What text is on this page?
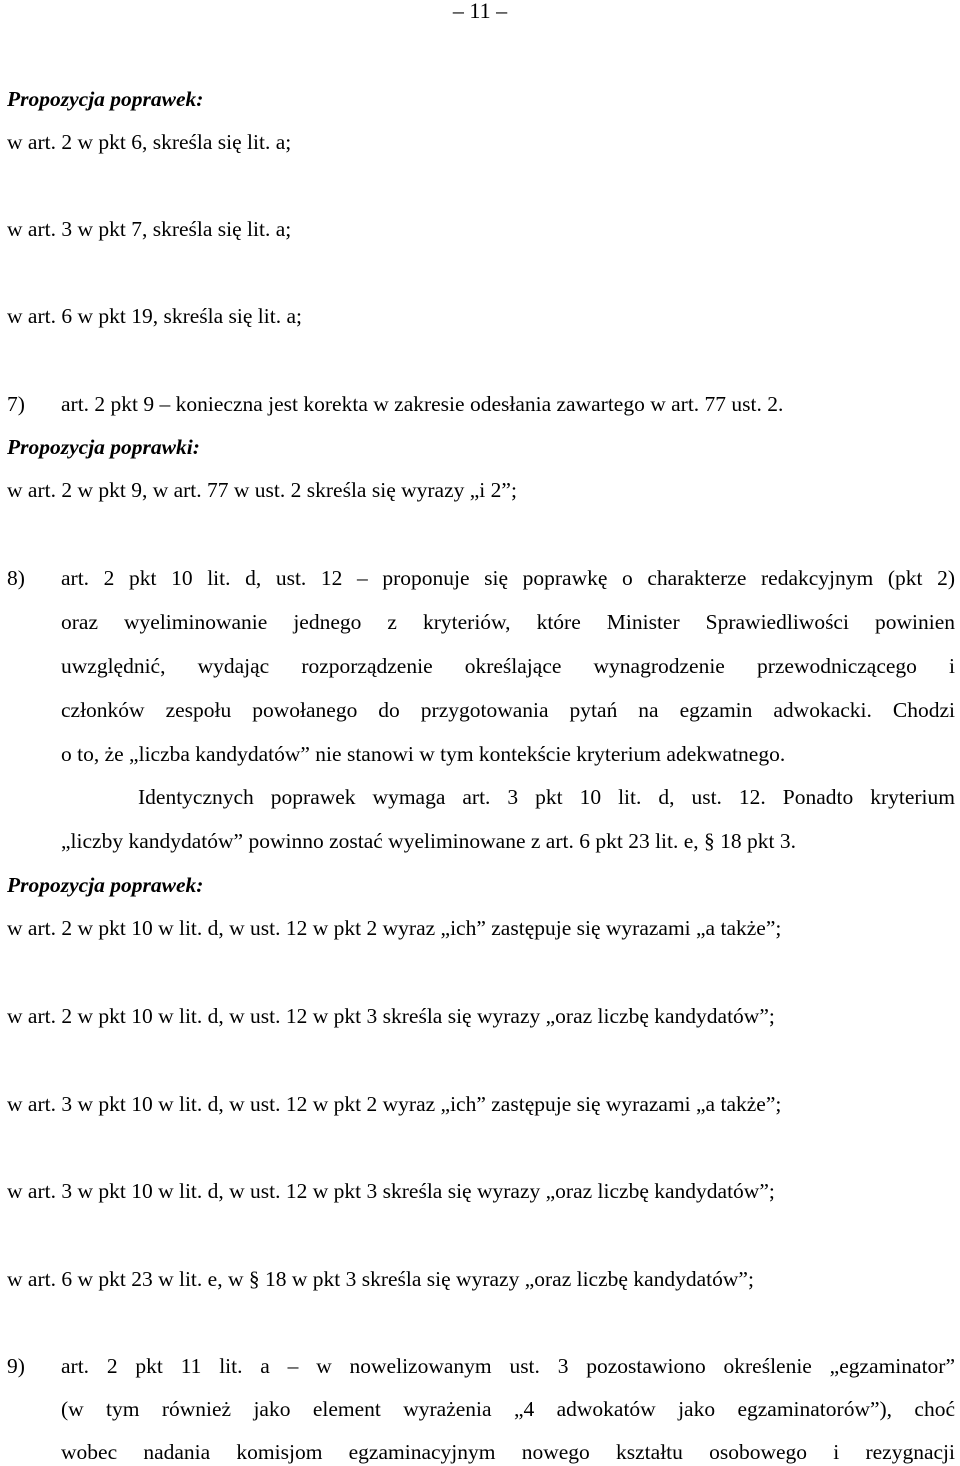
– 11 –
Propozycja poprawek:
w art. 2 w pkt 6, skreśla się lit. a;
w art. 3 w pkt 7, skreśla się lit. a;
w art. 6 w pkt 19, skreśla się lit. a;
7) art. 2 pkt 9 – konieczna jest korekta w zakresie odesłania zawartego w art. 77 ust. 2.
Propozycja poprawki:
w art. 2 w pkt 9, w art. 77 w ust. 2 skreśla się wyrazy „i 2”;
8) art. 2 pkt 10 lit. d, ust. 12 – proponuje się poprawkę o charakterze redakcyjnym (pkt 2)
oraz wyeliminowanie jednego z kryteriów, które Minister Sprawiedliwości powinien
uwzględnić, wydając rozporządzenie określające wynagrodzenie przewodniczącego i
członków zespołu powołanego do przygotowania pytań na egzamin adwokacki. Chodzi
o to, że „liczba kandydatów” nie stanowi w tym kontekście kryterium adekwatnego.
Identycznych poprawek wymaga art. 3 pkt 10 lit. d, ust. 12. Ponadto kryterium
„liczby kandydatów” powinno zostać wyeliminowane z art. 6 pkt 23 lit. e, § 18 pkt 3.
Propozycja poprawek:
w art. 2 w pkt 10 w lit. d, w ust. 12 w pkt 2 wyraz „ich” zastępuje się wyrazami „a także”;
w art. 2 w pkt 10 w lit. d, w ust. 12 w pkt 3 skreśla się wyrazy „oraz liczbę kandydatów”;
w art. 3 w pkt 10 w lit. d, w ust. 12 w pkt 2 wyraz „ich” zastępuje się wyrazami „a także”;
w art. 3 w pkt 10 w lit. d, w ust. 12 w pkt 3 skreśla się wyrazy „oraz liczbę kandydatów”;
w art. 6 w pkt 23 w lit. e, w § 18 w pkt 3 skreśla się wyrazy „oraz liczbę kandydatów”;
9) art. 2 pkt 11 lit. a – w nowelizowanym ust. 3 pozostawiono określenie „egzaminator”
(w tym również jako element wyrażenia „4 adwokatów jako egzaminatorów”), choć
wobec nadania komisjom egzaminacyjnym nowego kształtu osobowego i rezygnacji
